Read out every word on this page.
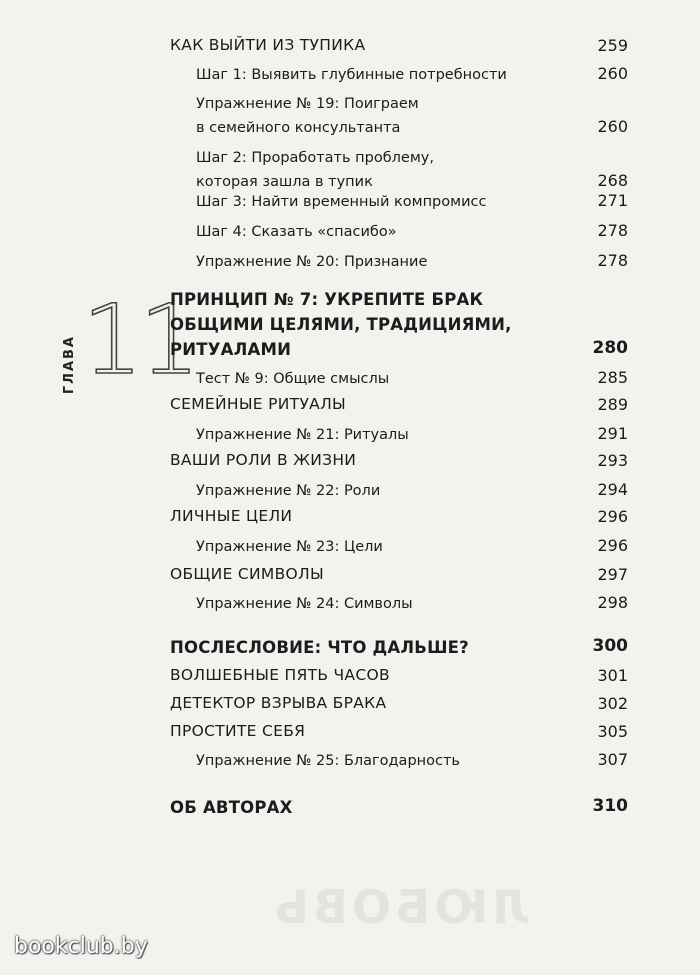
ЛЮБОВЬ
11
ГЛАВА
КАК ВЫЙТИ ИЗ ТУПИКА	259
Шаг 1: Выявить глубинные потребности	260
Упражнение № 19: Поиграем
в семейного консультанта	260
Шаг 2: Проработать проблему,
которая зашла в тупик	268
Шаг 3: Найти временный компромисс	271
Шаг 4: Сказать «спасибо»	278
Упражнение № 20: Признание	278
ПРИНЦИП № 7: УКРЕПИТЕ БРАК
ОБЩИМИ ЦЕЛЯМИ, ТРАДИЦИЯМИ,
РИТУАЛАМИ	280
Тест № 9: Общие смыслы	285
СЕМЕЙНЫЕ РИТУАЛЫ	289
Упражнение № 21: Ритуалы	291
ВАШИ РОЛИ В ЖИЗНИ	293
Упражнение № 22: Роли	294
ЛИЧНЫЕ ЦЕЛИ	296
Упражнение № 23: Цели	296
ОБЩИЕ СИМВОЛЫ	297
Упражнение № 24: Символы	298
ПОСЛЕСЛОВИЕ: ЧТО ДАЛЬШЕ?	300
ВОЛШЕБНЫЕ ПЯТЬ ЧАСОВ	301
ДЕТЕКТОР ВЗРЫВА БРАКА	302
ПРОСТИТЕ СЕБЯ	305
Упражнение № 25: Благодарность	307
ОБ АВТОРАХ	310
bookclub.by
